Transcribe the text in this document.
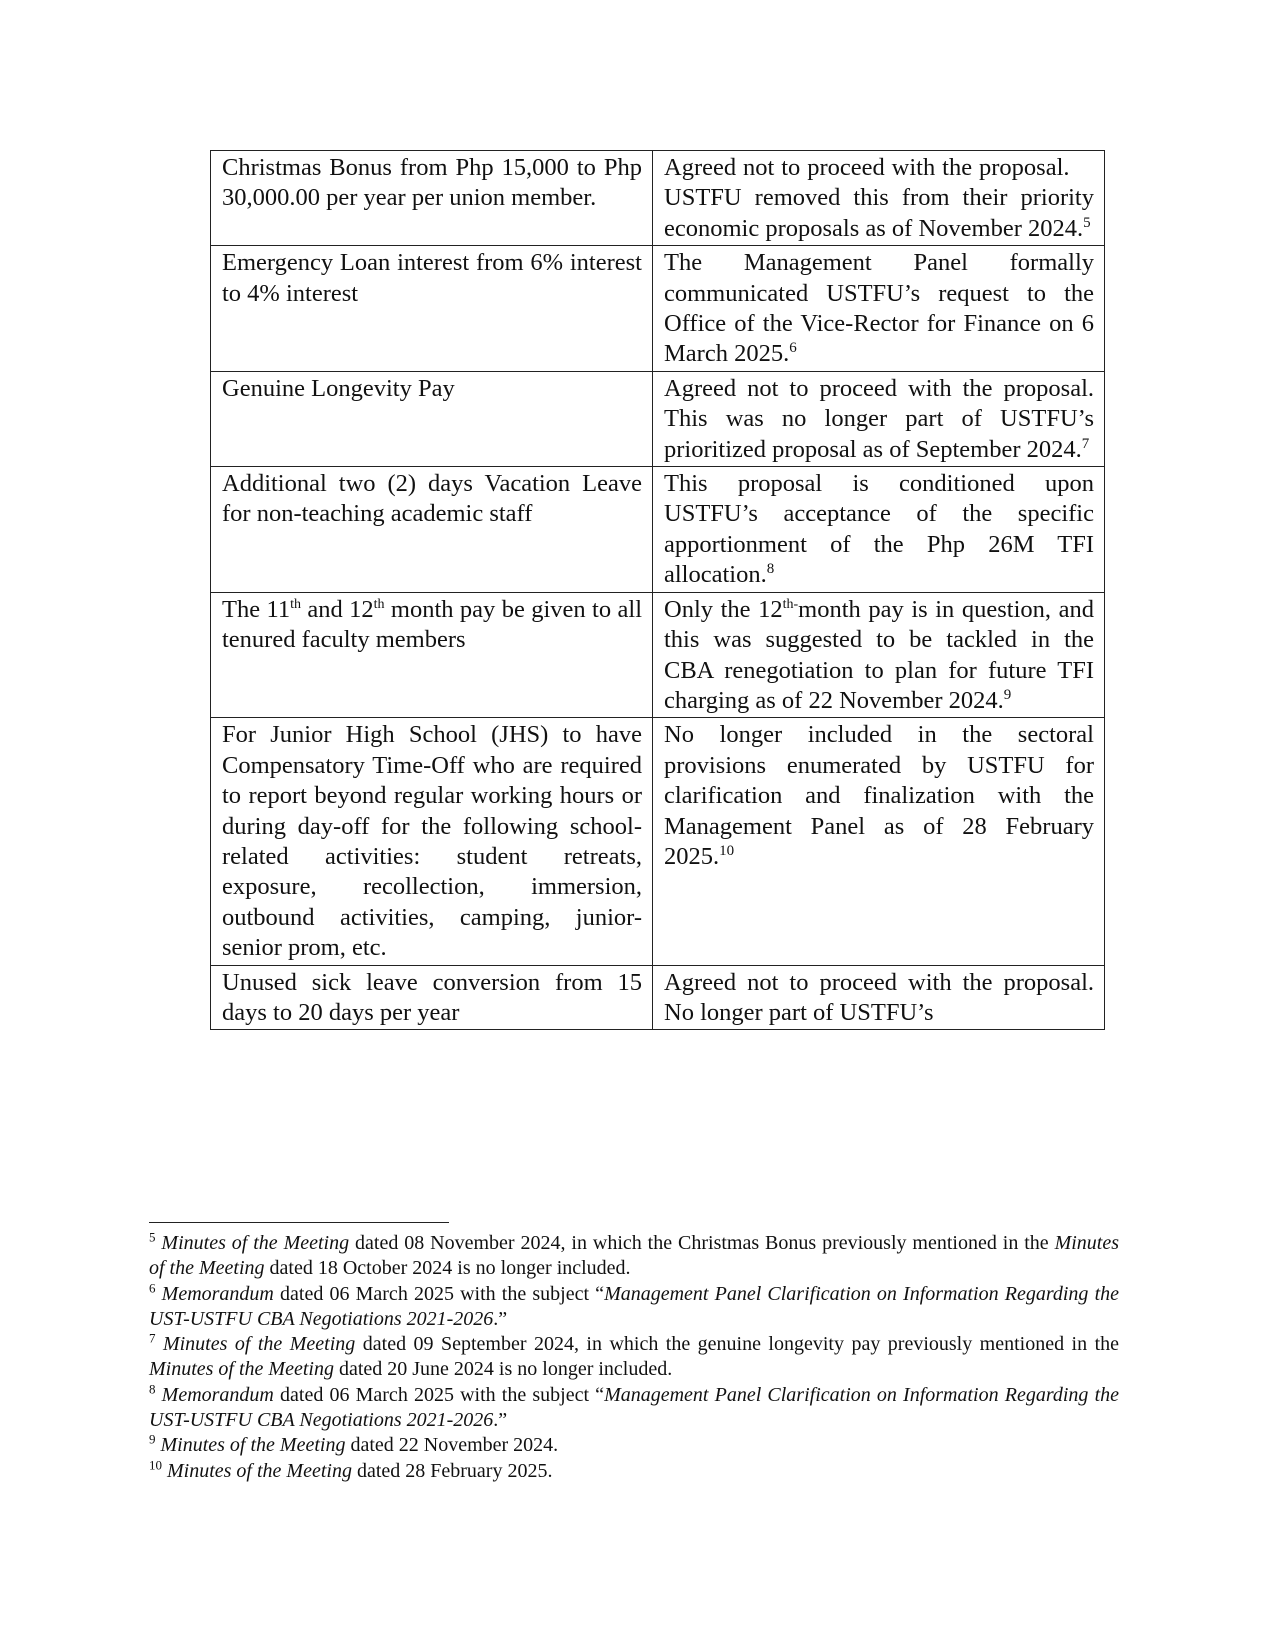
Christmas Bonus from Php 15,000 to Php 30,000.00 per year per union member.	Agreed not to proceed with the proposal.  USTFU removed this from their priority economic proposals as of November 2024.$^5$

Emergency Loan interest from 6% interest to 4% interest	The Management Panel formally communicated USTFU’s request to the Office of the Vice-Rector for Finance on 6 March 2025.$^6$

Genuine Longevity Pay	Agreed not to proceed with the proposal. This was no longer part of USTFU’s prioritized proposal as of September 2024.$^7$

Additional two (2) days Vacation Leave for non-teaching academic staff	This proposal is conditioned upon USTFU’s acceptance of the specific apportionment of the Php 26M TFI allocation.$^8$

The 11th and 12th month pay be given to all tenured faculty members	Only the $12^{th-}month$ pay is in question, and this was suggested to be tackled in the CBA renegotiation to plan for future TFI charging as of 22 November 2024.$^9$

For Junior High School (JHS) to have Compensatory Time-Off who are required to report beyond regular working hours or during day-off for the following school-related activities: student retreats, exposure, recollection, immersion, outbound activities, camping, junior-senior prom, etc.	No longer included in the sectoral provisions enumerated by USTFU for clarification and finalization with the Management Panel as of 28 February 2025.10

Unused sick leave conversion from 15 days to 20 days per year	Agreed not to proceed with the proposal. No longer part of USTFU’s

$^5$ Minutes of the Meeting dated 08 November 2024, in which the Christmas Bonus previously mentioned in the Minutes of the Meeting dated 18 October 2024 is no longer included.

$^6$ Memorandum dated 06 March 2025 with the subject “Management Panel Clarification on Information Regarding the UST-USTFU CBA Negotiations 2021-2026.”

$^7$ Minutes of the Meeting dated 09 September 2024, in which the genuine longevity pay previously mentioned in the Minutes of the Meeting dated 20 June 2024 is no longer included.

$^8$ Memorandum dated 06 March 2025 with the subject “Management Panel Clarification on Information Regarding the UST-USTFU CBA Negotiations 2021-2026.”

$^9$ Minutes of the Meeting dated 22 November 2024.

$^{10}$ Minutes of the Meeting dated 28 February 2025.
